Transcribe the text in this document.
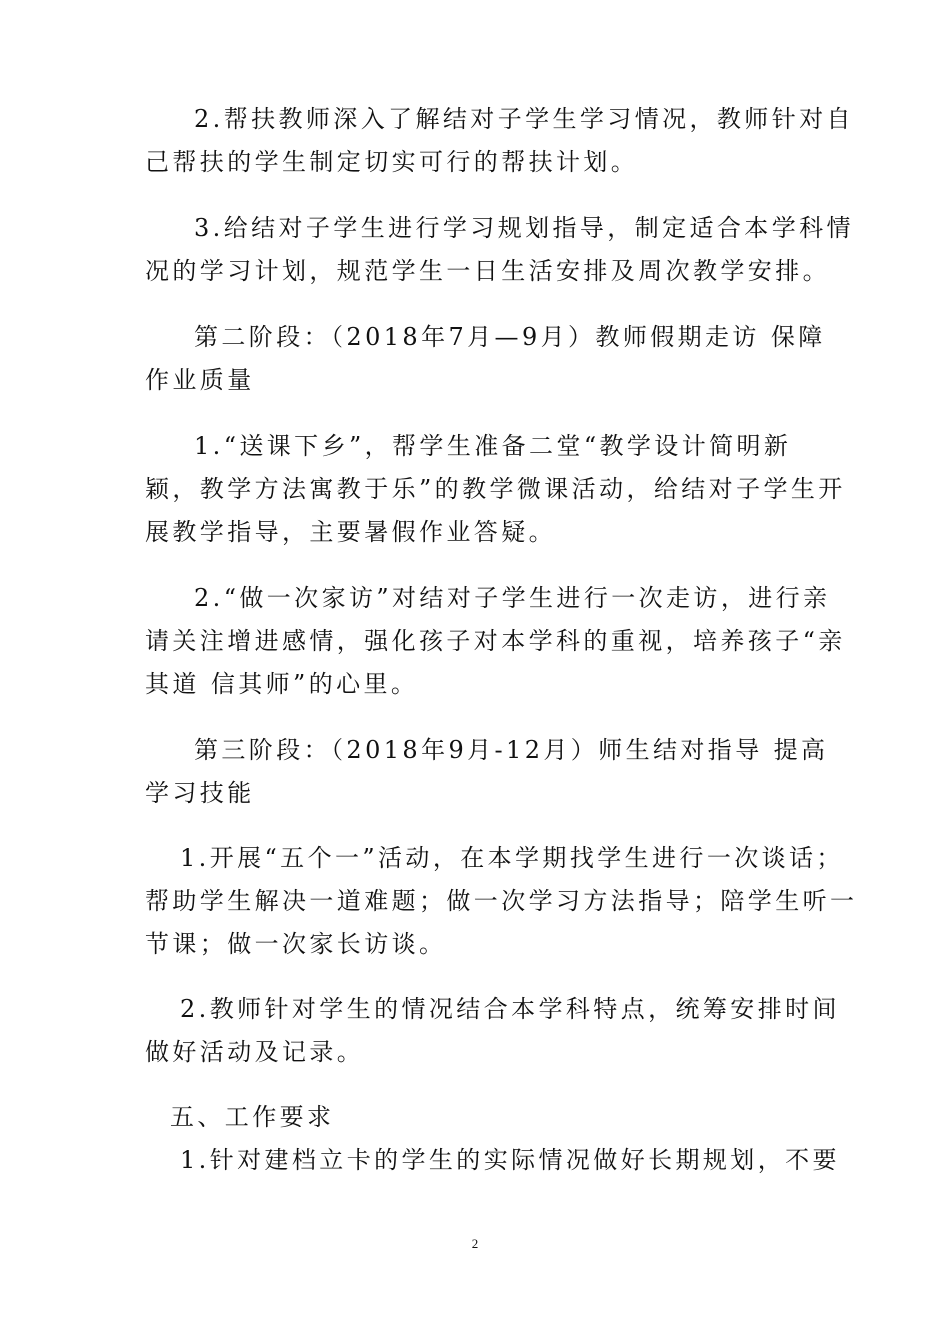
2.帮扶教师深入了解结对子学生学习情况，教师针对自
己帮扶的学生制定切实可行的帮扶计划。
3.给结对子学生进行学习规划指导，制定适合本学科情
况的学习计划，规范学生一日生活安排及周次教学安排。
第二阶段：（2018年7月—9月）教师假期走访 保障
作业质量
1.“送课下乡”，帮学生准备二堂“教学设计简明新
颖，教学方法寓教于乐”的教学微课活动，给结对子学生开
展教学指导，主要暑假作业答疑。
2.“做一次家访”对结对子学生进行一次走访，进行亲
请关注增进感情，强化孩子对本学科的重视，培养孩子“亲
其道 信其师”的心里。
第三阶段：（2018年9月-12月）师生结对指导 提高
学习技能
1.开展“五个一”活动，在本学期找学生进行一次谈话；
帮助学生解决一道难题；做一次学习方法指导；陪学生听一
节课；做一次家长访谈。
2.教师针对学生的情况结合本学科特点，统筹安排时间
做好活动及记录。
五、工作要求
1.针对建档立卡的学生的实际情况做好长期规划，不要
2
